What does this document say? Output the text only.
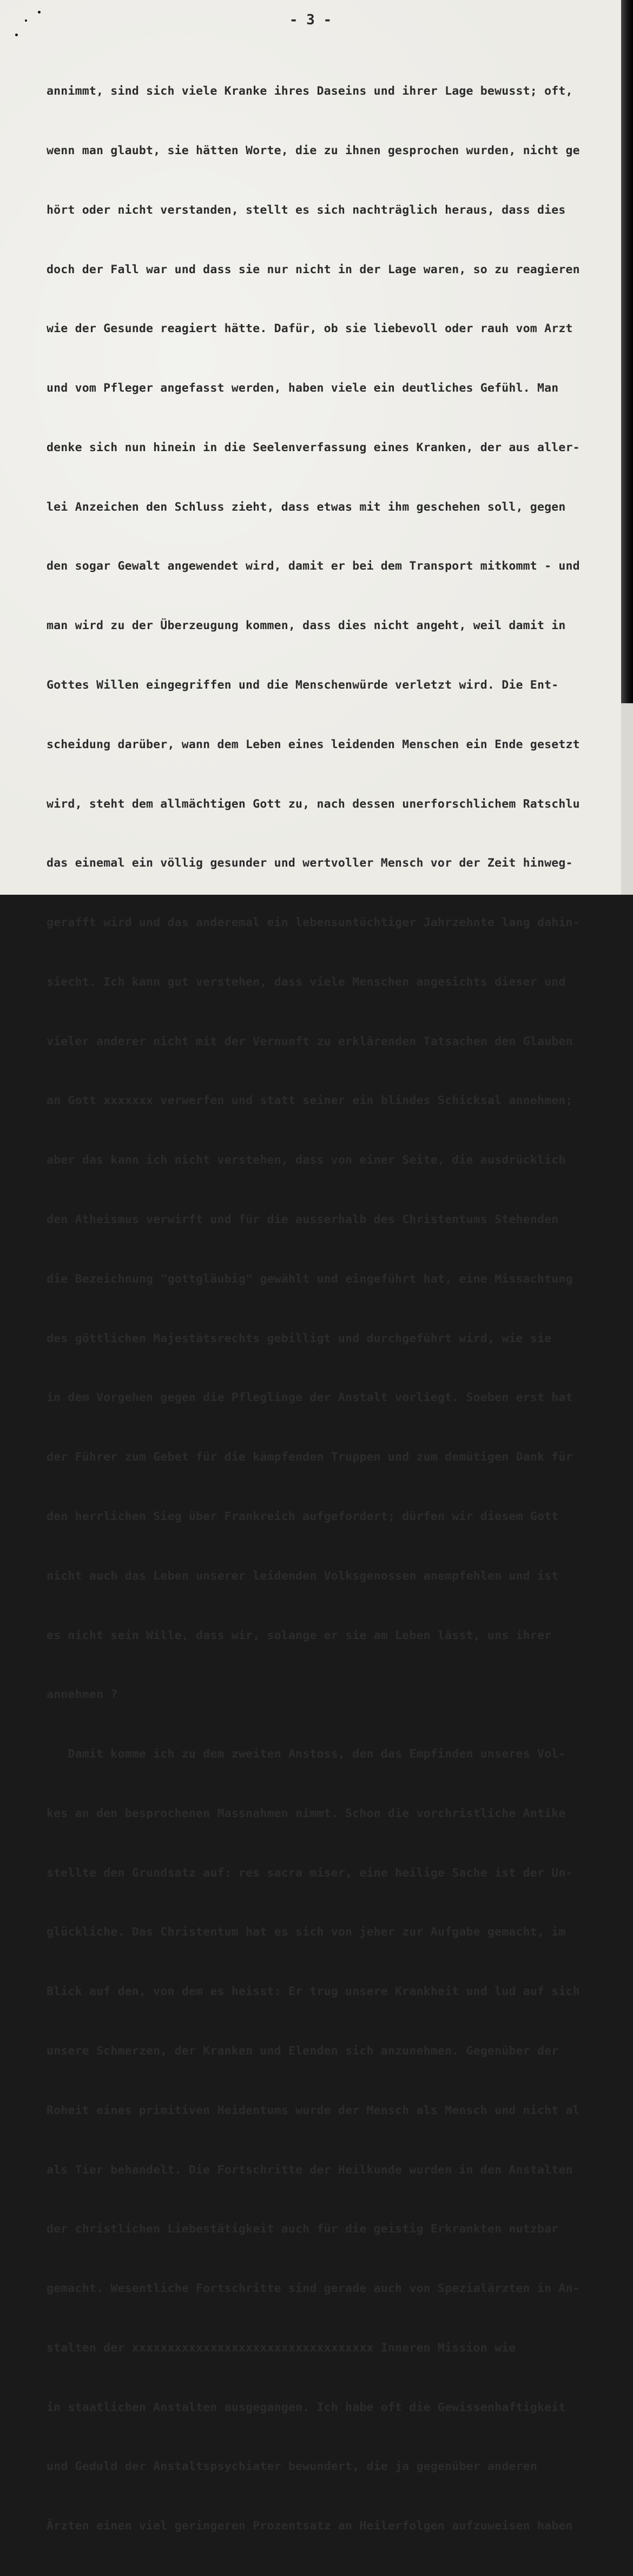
- 3 -

annimmt, sind sich viele Kranke ihres Daseins und ihrer Lage bewusst; oft,

wenn man glaubt, sie hätten Worte, die zu ihnen gesprochen wurden, nicht ge

hört oder nicht verstanden, stellt es sich nachträglich heraus, dass dies

doch der Fall war und dass sie nur nicht in der Lage waren, so zu reagieren

wie der Gesunde reagiert hätte. Dafür, ob sie liebevoll oder rauh vom Arzt

und vom Pfleger angefasst werden, haben viele ein deutliches Gefühl. Man

denke sich nun hinein in die Seelenverfassung eines Kranken, der aus aller-

lei Anzeichen den Schluss zieht, dass etwas mit ihm geschehen soll, gegen

den sogar Gewalt angewendet wird, damit er bei dem Transport mitkommt - und

man wird zu der Überzeugung kommen, dass dies nicht angeht, weil damit in

Gottes Willen eingegriffen und die Menschenwürde verletzt wird. Die Ent-

scheidung darüber, wann dem Leben eines leidenden Menschen ein Ende gesetzt

wird, steht dem allmächtigen Gott zu, nach dessen unerforschlichem Ratschlu

das einemal ein völlig gesunder und wertvoller Mensch vor der Zeit hinweg-

gerafft wird und das anderemal ein lebensuntüchtiger Jahrzehnte lang dahin-

siecht. Ich kann gut verstehen, dass viele Menschen angesichts dieser und

vieler anderer nicht mit der Vernunft zu erklärenden Tatsachen den Glauben

an Gott xxxxxxx verwerfen und statt seiner ein blindes Schicksal annehmen;

aber das kann ich nicht verstehen, dass von einer Seite, die ausdrücklich

den Atheismus verwirft und für die ausserhalb des Christentums Stehenden

die Bezeichnung "gottgläubig" gewählt und eingeführt hat, eine Missachtung

des göttlichen Majestätsrechts gebilligt und durchgeführt wird, wie sie

in dem Vorgehen gegen die Pfleglinge der Anstalt vorliegt. Soeben erst hat

der Führer zum Gebet für die kämpfenden Truppen und zum demütigen Dank für

den herrlichen Sieg über Frankreich aufgefordert; dürfen wir diesem Gott

nicht auch das Leben unserer leidenden Volksgenossen anempfehlen und ist

es nicht sein Wille, dass wir, solange er sie am Leben lässt, uns ihrer

annehmen ?

Damit komme ich zu dem zweiten Anstoss, den das Empfinden unseres Vol-

kes an den besprochenen Massnahmen nimmt. Schon die vorchristliche Antike

stellte den Grundsatz auf: res sacra miser, eine heilige Sache ist der Un-

glückliche. Das Christentum hat es sich von jeher zur Aufgabe gemacht, im

Blick auf den, von dem es heisst: Er trug unsere Krankheit und lud auf sich

unsere Schmerzen, der Kranken und Elenden sich anzunehmen. Gegenüber der

Roheit eines primitiven Heidentums wurde der Mensch als Mensch und nicht al

als Tier behandelt. Die Fortschritte der Heilkunde wurden in den Anstalten

der christlichen Liebestätigkeit auch für die geistig Erkrankten nutzbar

gemacht. Wesentliche Fortschritte sind gerade auch von Spezialärzten in An-

stalten der xxxxxxxxxxxxxxxxxxxxxxxxxxxxxxxxxx Inneren Mission wie

in staatlichen Anstalten ausgegangen. Ich habe oft die Gewissenhaftigkeit

und Geduld der Anstaltspsychiater bewundert, die ja gegenüber anderen

Ärzten einen viel geringeren Prozentsatz an Heilerfolgen aufzuweisen haben
